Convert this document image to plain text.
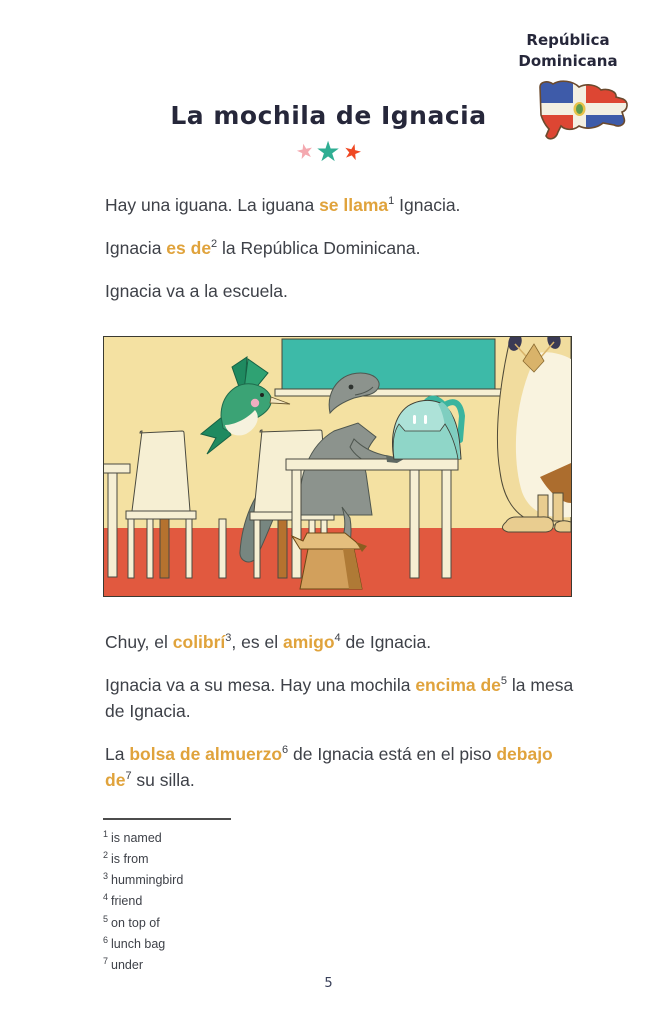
República
Dominicana
La mochila de Ignacia
★★★

Hay una iguana. La iguana se llama$^1$ Ignacia.

Ignacia es $de^2$ la República Dominicana.

Ignacia va a la escuela.

Chuy, el colibrí$^3$, es el amigo$^4$ de Ignacia.

Ignacia va a su mesa. Hay una mochila encima $de^5$ la mesa de Ignacia.

La bolsa de almuerzo$^6$ de Ignacia está en el piso debajo $de^7$ su silla.

$^1$ is named
$^2$ is from
$^3$ hummingbird
$^4$ friend
$^5$ on top of
$^6$ lunch bag
$^7$ under
5
